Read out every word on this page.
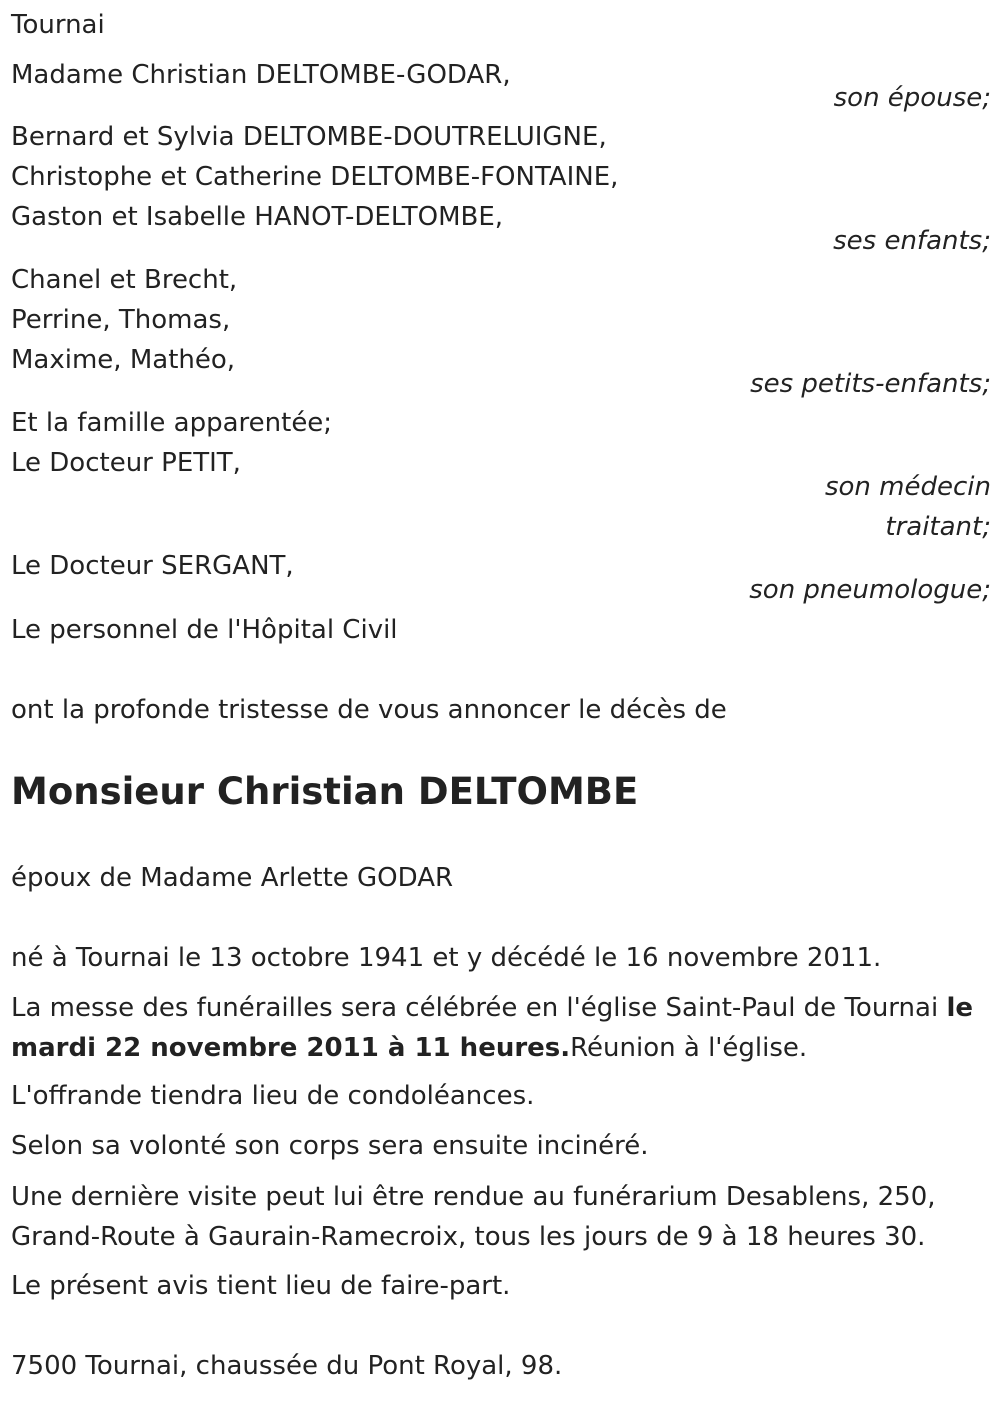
Tournai
Madame Christian DELTOMBE-GODAR,
son épouse;
Bernard et Sylvia DELTOMBE-DOUTRELUIGNE,
Christophe et Catherine DELTOMBE-FONTAINE,
Gaston et Isabelle HANOT-DELTOMBE,
ses enfants;
Chanel et Brecht,
Perrine, Thomas,
Maxime, Mathéo,
ses petits-enfants;
Et la famille apparentée;
Le Docteur PETIT,
son médecin
traitant;
Le Docteur SERGANT,
son pneumologue;
Le personnel de l'Hôpital Civil
ont la profonde tristesse de vous annoncer le décès de
Monsieur Christian DELTOMBE
époux de Madame Arlette GODAR
né à Tournai le 13 octobre 1941 et y décédé le 16 novembre 2011.
La messe des funérailles sera célébrée en l'église Saint-Paul de Tournai le
mardi 22 novembre 2011 à 11 heures.Réunion à l'église.
L'offrande tiendra lieu de condoléances.
Selon sa volonté son corps sera ensuite incinéré.
Une dernière visite peut lui être rendue au funérarium Desablens, 250,
Grand-Route à Gaurain-Ramecroix, tous les jours de 9 à 18 heures 30.
Le présent avis tient lieu de faire-part.
7500 Tournai, chaussée du Pont Royal, 98.
